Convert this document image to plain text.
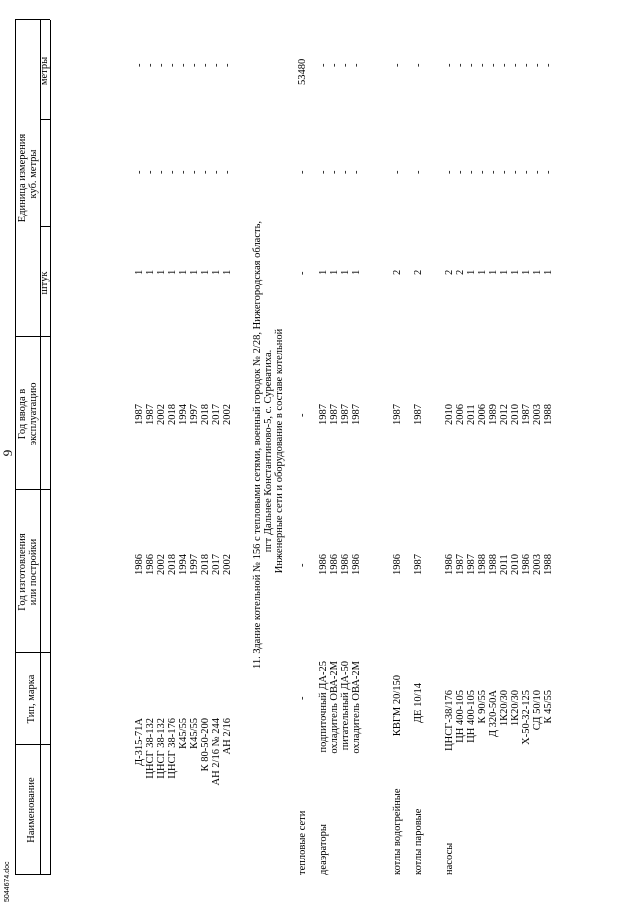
9
Наименование
Тип, марка
Год изготовления или постройки
Год ввода в эксплуатацию
Единица измерения
штук
куб. метры
метры
Д-315-71А
1986
1987
1
-
-
ЦНСГ 38-132
1986
1987
1
-
-
ЦНСГ 38-132
2002
2002
1
-
-
ЦНСГ 38-176
2018
2018
1
-
-
К45/55
1994
1994
1
-
-
К45/55
1997
1997
1
-
-
К 80-50-200
2018
2018
1
-
-
АН 2/16 № 244
2017
2017
1
-
-
АН 2/16
2002
2002
1
-
-
11. Здание котельной № 156 с тепловыми сетями, военный городок № 2/28, Нижегородская область, пгт Дальнее Константиново-5, с. Суреватиха. Инженерные сети и оборудование в составе котельной
тепловые сети
-
-
-
-
-
53480
деаэраторы
подпиточный ДА-25
1986
1987
1
-
-
охладитель ОВА-2М
1986
1987
1
-
-
питательный ДА-50
1986
1987
1
-
-
охладитель ОВА-2М
1986
1987
1
-
-
котлы водогрейные
КВГМ 20/150
1986
1987
2
-
-
котлы паровые
ДЕ 10/14
1987
1987
2
-
-
насосы
ЦНСГ-38/176
1986
2010
2
-
-
ЦН 400-105
1987
2006
2
-
-
ЦН 400-105
1987
2011
1
-
-
К 90/55
1988
2006
1
-
-
Д 320-50А
1988
1989
1
-
-
1К20/30
2011
2012
1
-
-
1К20/30
2010
2010
1
-
-
Х-50-32-125
1986
1987
1
-
-
СД 50/10
2003
2003
1
-
-
К 45/55
1988
1988
1
-
-
5044674.doc
